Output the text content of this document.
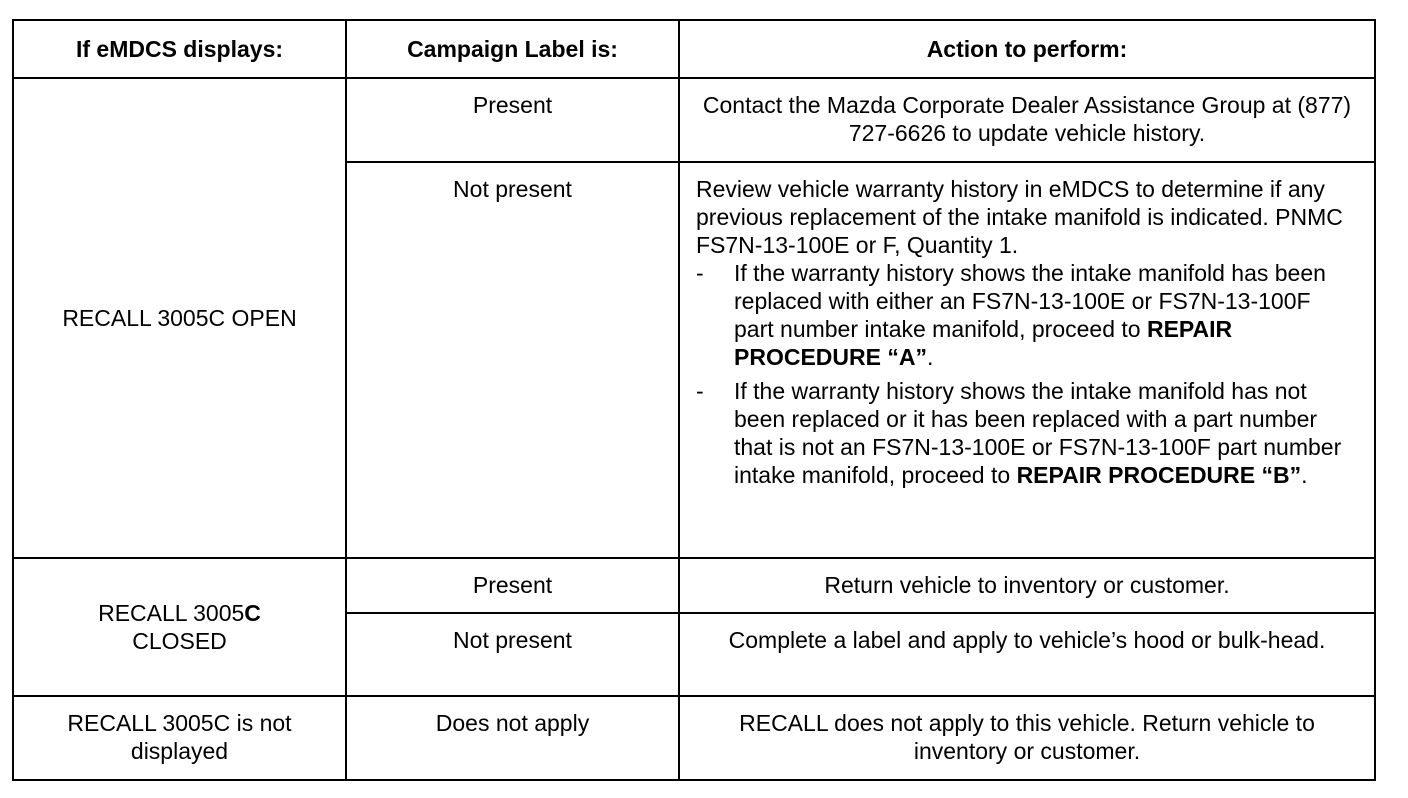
If eMDCS displays:	Campaign Label is:	Action to perform:
RECALL 3005C OPEN	Present	Contact the Mazda Corporate Dealer Assistance Group at (877) 727-6626 to update vehicle history.
	Not present	Review vehicle warranty history in eMDCS to determine if any previous replacement of the intake manifold is indicated. PNMC FS7N-13-100E or F, Quantity 1.

- If the warranty history shows the intake manifold has been replaced with either an FS7N-13-100E or FS7N-13-100F part number intake manifold, proceed to REPAIR PROCEDURE “A”.

- If the warranty history shows the intake manifold has not been replaced or it has been replaced with a part number that is not an FS7N-13-100E or FS7N-13-100F part number intake manifold, proceed to REPAIR PROCEDURE “B”.

RECALL 3005C
CLOSED	Present	Return vehicle to inventory or customer.
	Not present	Complete a label and apply to vehicle’s hood or bulk-head.
RECALL 3005C is not displayed	Does not apply	RECALL does not apply to this vehicle. Return vehicle to inventory or customer.
